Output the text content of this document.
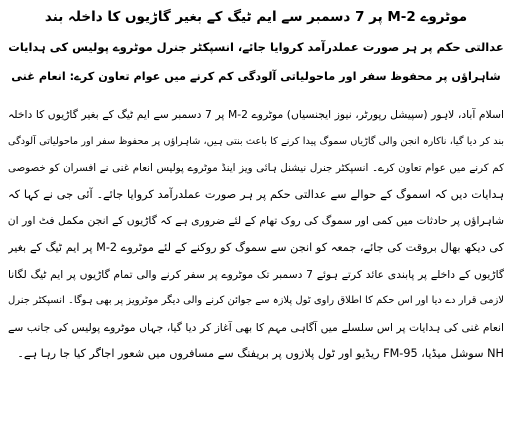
موٹروے M-2 پر 7 دسمبر سے ایم ٹیگ کے بغیر گاڑیوں کا داخلہ بند
عدالتی حکم پر ہر صورت عملدرآمد کروایا جائے، انسپکٹر جنرل موٹروے پولیس کی ہدایات
شاہراؤں پر محفوظ سفر اور ماحولیاتی آلودگی کم کرنے میں عوام تعاون کرے: انعام غنی
اسلام آباد، لاہور (سپیشل رپورٹر، نیوز ایجنسیاں) موٹروے M-2 پر 7 دسمبر سے ایم ٹیگ کے بغیر گاڑیوں کا داخلہ
بند کر دیا گیا، ناکارہ انجن والی گاڑیاں سموگ پیدا کرنے کا باعث بنتی ہیں، شاہراؤں پر محفوظ سفر اور ماحولیاتی آلودگی
کم کرنے میں عوام تعاون کرے۔ انسپکٹر جنرل نیشنل ہائی ویز اینڈ موٹروے پولیس انعام غنی نے افسران کو خصوصی
ہدایات دیں کہ اسموگ کے حوالے سے عدالتی حکم پر ہر صورت عملدرآمد کروایا جائے۔ آئی جی نے کہا کہ
شاہراؤں پر حادثات میں کمی اور سموگ کی روک تھام کے لئے ضروری ہے کہ گاڑیوں کے انجن مکمل فٹ اور ان
کی دیکھ بھال بروقت کی جائے، جمعہ کو انجن سے سموگ کو روکنے کے لئے موٹروے M-2 پر ایم ٹیگ کے بغیر
گاڑیوں کے داخلے پر پابندی عائد کرتے ہوئے 7 دسمبر تک موٹروے پر سفر کرنے والی تمام گاڑیوں پر ایم ٹیگ لگانا
لازمی قرار دے دیا اور اس حکم کا اطلاق راوی ٹول پلازہ سے جوائن کرنے والی دیگر موٹرویز پر بھی ہوگا۔ انسپکٹر جنرل
انعام غنی کی ہدایات پر اس سلسلے میں آگاہی مہم کا بھی آغاز کر دیا گیا، جہاں موٹروے پولیس کی جانب سے
NH سوشل میڈیا، FM-95 ریڈیو اور ٹول پلازوں پر بریفنگ سے مسافروں میں شعور اجاگر کیا جا رہا ہے۔
